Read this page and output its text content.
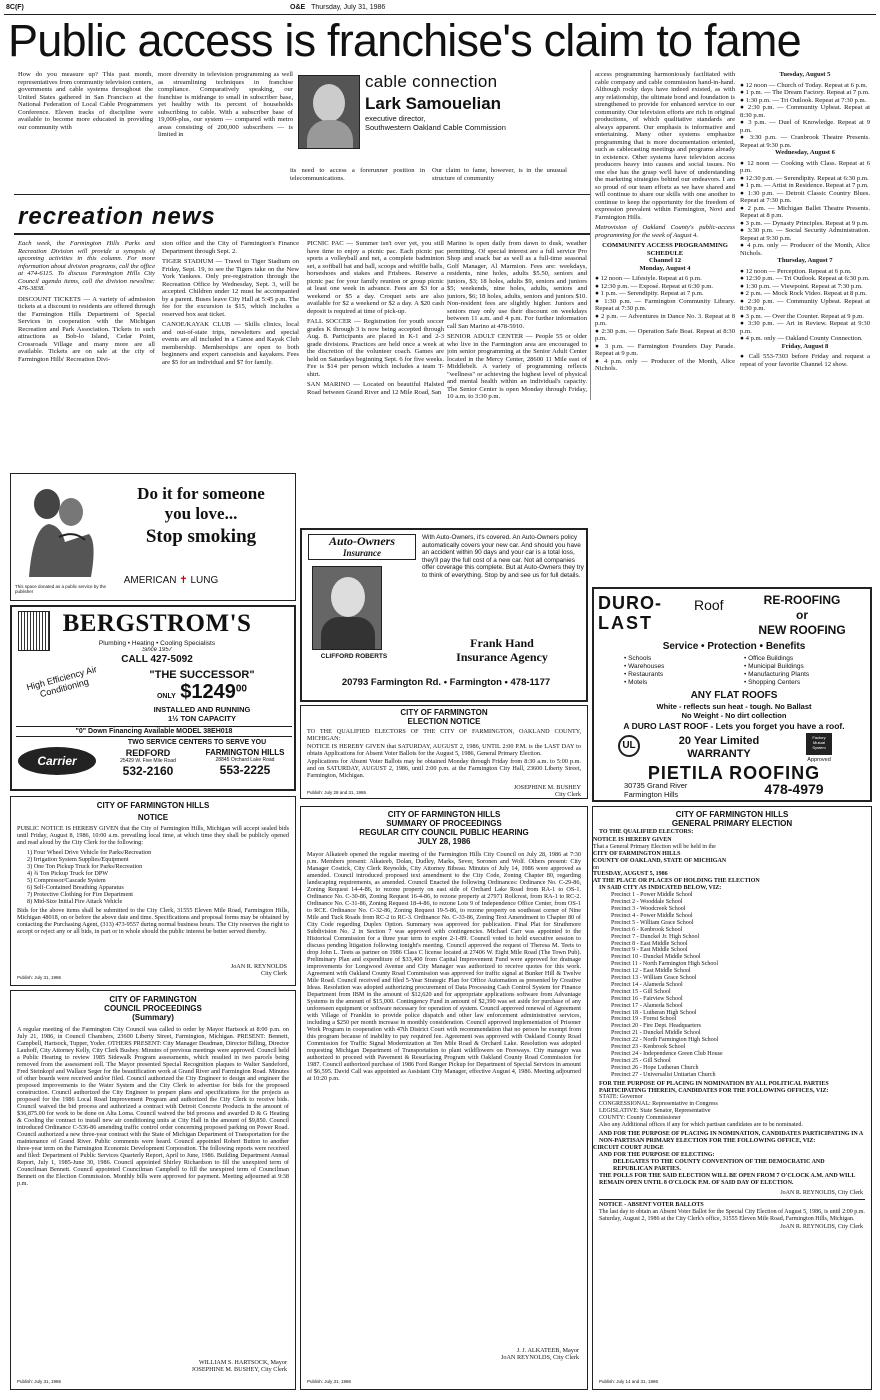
8C(F)	O&E Thursday, July 31, 1986
Public access is franchise's claim to fame
How do you measure up? This past month, representatives from community television centers, governments and cable systems throughout the United States gathered in San Francisco at the National Federation of Local Cable Programmers Conference. Eleven tracks of discipline were available to become more educated in providing our community with
more diversity in television programming as well as streamlining techniques in franchise compliance. Comparatively speaking, our franchise is midrange to small in subscriber base, yet healthy with its percent of households subscribing to cable. With a subscriber base of 19,000-plus, our system — compared with metro areas consisting of 200,000 subscribers — is limited in
cable connection
Lark Samouelian
executive director,
Southwestern Oakland Cable Commission
its need to access a forerunner position in telecommunications.
Our claim to fame, however, is in the unusual structure of community

access programming harmoniously facilitated with cable company and cable commission hand-in-hand. Although rocky days have indeed existed, as with any relationship, the ultimate bond and foundation is strengthened to provide for enhanced service to our community. Our television efforts are rich in original productions, of which qualitative standards are always apparent. Our emphasis is informative and entertaining. Many other systems emphasize programming that is more documentation oriented, such as cablecasting meetings and programs already in existence. Other systems have television access producers heavy into causes and social issues. No one else has the grasp we'll have of understanding the marketing strategies behind our endeavors. I am so proud of our team efforts as we have shared and will continue to share our skills with one another to continue to keep the opportunity for the freedom of expression prevalent within Farmington, Novi and Farmington Hills.

Metrovision of Oakland County's public-access programming for the week of August 4.

COMMUNITY ACCESS PROGRAMMING SCHEDULE

Channel 12

Monday, August 4

● 12 noon — Lifestyle. Repeat at 6 p.m.
● 12:30 p.m. — Exposé. Repeat at 6:30 p.m.
● 1 p.m. — Serendipity. Repeat at 7 p.m.
● 1:30 p.m. — Farmington Community Library. Repeat at 7:30 p.m.
● 2 p.m. — Adventures in Dance No. 3. Repeat at 8 p.m.
● 2:30 p.m. — Operation Safe Boat. Repeat at 8:30 p.m.
● 3 p.m. — Farmington Founders Day Parade. Repeat at 9 p.m.
● 4 p.m. only — Producer of the Month, Alice Nichols.

Tuesday, August 5

● 12 noon — Church of Today. Repeat at 6 p.m.
● 1 p.m. — The Dream Factory. Repeat at 7 p.m.
● 1:30 p.m. — Tri Outlook. Repeat at 7:30 p.m.
● 2:30 p.m. — Community Upbeat. Repeat at 8:30 p.m.
● 3 p.m. — Duel of Knowledge. Repeat at 9 p.m.
● 3:30 p.m. — Cranbrook Theatre Presents. Repeat at 9:30 p.m.

Wednesday, August 6

● 12 noon — Cooking with Class. Repeat at 6 p.m.
● 12:30 p.m. — Serendipity. Repeat at 6:30 p.m.
● 1 p.m. — Artist in Residence. Repeat at 7 p.m.
● 1:30 p.m. — Detroit Classic Country Blues. Repeat at 7:30 p.m.
● 2 p.m. — Michigan Ballet Theatre Presents. Repeat at 8 p.m.
● 3 p.m. — Dynasty Principles. Repeat at 9 p.m.
● 3:30 p.m. — Social Security Administration. Repeat at 9:30 p.m.
● 4 p.m. only — Producer of the Month, Alice Nichols.

Thursday, August 7

● 12 noon — Perception. Repeat at 6 p.m.
● 12:30 p.m. — Tri Outlook. Repeat at 6:30 p.m.
● 1:30 p.m. — Viewpoint. Repeat at 7:30 p.m.
● 2 p.m. — Mock Rock Video. Repeat at 8 p.m.
● 2:30 p.m. — Community Upbeat. Repeat at 8:30 p.m.
● 3 p.m. — Over the Counter. Repeat at 9 p.m.
● 3:30 p.m. — Art in Review. Repeat at 9:30 p.m.
● 4 p.m. only — Oakland County Connection.

Friday, August 8

● Call 553-7303 before Friday and request a repeat of your favorite Channel 12 show.

recreation news

Each week, the Farmington Hills Parks and Recreation Division will provide a synopsis of upcoming activities in this column. For more information about division programs, call the office at 474-6115. To discuss Farmington Hills City Council agenda items, call the division newsline: 476-3838.

DISCOUNT TICKETS — A variety of admission tickets at a discount to residents are offered through the Farmington Hills Department of Special Services in cooperation with the Michigan Recreation and Park Association. Tickets to such attractions as Bob-lo Island, Cedar Point, Crossroads Village and many more are all available. Tickets are on sale at the city of Farmington Hills' Recreation Divi-

sion office and the City of Farmington's Finance Department through Sept. 2.

TIGER STADIUM — Travel to Tiger Stadium on Friday, Sept. 19, to see the Tigers take on the New York Yankees. Only pre-registration through the Recreation Office by Wednesday, Sept. 3, will be accepted. Children under 12 must be accompanied by a parent. Buses leave City Hall at 5:45 p.m. The fee for the excursion is $15, which includes a reserved box seat ticket.

CANOE/KAYAK CLUB — Skills clinics, local and out-of-state trips, newsletters and special events are all included in a Canoe and Kayak Club membership. Memberships are open to both beginners and expert canoeists and kayakers. Fees are $5 for an individual and $7 for family.

PICNIC PAC — Summer isn't over yet, you still have time to enjoy a picnic pac. Each picnic pac sports a volleyball and net, a complete badminton set, a softball bat and ball, scoops and whiffle balls, horseshoes and stakes and Frisbees. Reserve a picnic pac for your family reunion or group picnic at least one week in advance. Fees are $3 for a weekend or $5 a day. Croquet sets are also available for $2 a weekend or $2 a day. A $20 cash deposit is required at time of pick-up.

FALL SOCCER — Registration for youth soccer grades K through 3 is now being accepted through Aug. 8. Participants are placed in K-1 and 2-3 grade divisions. Practices are held once a week at the discretion of the volunteer coach. Games are held on Saturdays beginning Sept. 6 for five weeks. Fee is $14 per person which includes a team T-shirt.

SAN MARINO — Located on beautiful Halsted Road between Grand River and 12 Mile Road, San

Marino is open daily from dawn to dusk, weather permitting. Of special interest are a full service Pro Shop and snack bar as well as a full-time seasonal Golf Manager, Al Marmion. Fees are: weekdays, residents, nine holes, adults $5.50, seniors and juniors, $3; 18 holes, adults $9, seniors and juniors $5; weekends, nine holes, adults, seniors and juniors, $6; 18 holes, adults, seniors and juniors $10. Non-resident fees are slightly higher. Juniors and seniors may only use their discount on weekdays between 11 a.m. and 4 p.m. For further information call San Marino at 478-5910.

SENIOR ADULT CENTER — People 55 or older who live in the Farmington area are encouraged to join senior programming at the Senior Adult Center located in the Mercy Center, 28600 11 Mile east of Middlebelt. A variety of programming reflects "wellness" or achieving the highest level of physical and mental health within an individual's capacity. The Senior Center is open Monday through Friday, 10 a.m. to 3:30 p.m.

Do it for someone
you love...
Stop smoking
AMERICAN ✝ LUNG
This space donated as a public service by the publisher
BERGSTROM'S
Plumbing • Heating • Cooling Specialists
Since 1957
CALL 427-5092
High Efficiency Air Conditioning
"THE SUCCESSOR"
ONLY $1249$^{00}$
INSTALLED AND RUNNING
1½ TON CAPACITY
"0" Down Financing Available MODEL 38EH018
TWO SERVICE CENTERS TO SERVE YOU
Carrier
REDFORD
25429 W. Five Mile Road
532-2160
FARMINGTON HILLS
28845 Orchard Lake Road
553-2225
Auto-Owners
Insurance
With Auto-Owners, it's covered. An Auto-Owners policy automatically covers your new car. And should you have an accident within 90 days and your car is a total loss, they'll pay the full cost of a new car. Not all companies offer coverage this complete. But at Auto-Owners they try to think of everything. Stop by and see us for full details.
CLIFFORD ROBERTS
Frank Hand
Insurance Agency
20793 Farmington Rd. • Farmington • 478-1177
DURO-
LAST
Roof	RE-ROOFING
or
NEW ROOFING
Service • Protection • Benefits
• Schools	• Office Buildings
• Warehouses	• Municipal Buildings
• Restaurants	• Manufacturing Plants
• Motels	• Shopping Centers
ANY FLAT ROOFS
White - reflects sun heat - tough. No Ballast
No Weight - No dirt collection
A DURO LAST ROOF - Lets you forget you have a roof.
UL	20 Year Limited
WARRANTY
Factory Mutual System
Approved
PIETILA ROOFING
30735 Grand River
Farmington Hills	478-4979
CITY OF FARMINGTON
ELECTION NOTICE

TO THE QUALIFIED ELECTORS OF THE CITY OF FARMINGTON, OAKLAND COUNTY, MICHIGAN:

NOTICE IS HEREBY GIVEN that SATURDAY, AUGUST 2, 1986, UNTIL 2:00 P.M. is the LAST DAY to obtain Applications for Absent Voter Ballots for the August 5, 1986, General Primary Election.

Applications for Absent Voter Ballots may be obtained Monday through Friday from 8:30 a.m. to 5:00 p.m. and on SATURDAY, AUGUST 2, 1986, until 2:00 p.m. at the Farmington City Hall, 23600 Liberty Street, Farmington, Michigan.

JOSEPHINE M. BUSHEY
City Clerk
Publish: July 28 and 31, 1986
CITY OF FARMINGTON HILLS
NOTICE

PUBLIC NOTICE IS HEREBY GIVEN that the City of Farmington Hills, Michigan will accept sealed bids until Friday, August 8, 1986, 10:00 a.m. prevailing local time, at which time they shall be publicly opened and read aloud by the City Clerk for the following:

1) Four Wheel Drive Vehicle for Parks/Recreation
2) Irrigation System Supplies/Equipment
3) One Ton Pickup Truck for Parks/Recreation
4) ¾ Ton Pickup Truck for DPW
5) Compressor/Cascade System
6) Self-Contained Breathing Apparatus
7) Protective Clothing for Fire Department
8) Mid-Size Initial Fire Attack Vehicle

Bids for the above items shall be submitted to the City Clerk, 31555 Eleven Mile Road, Farmington Hills, Michigan 48018, on or before the above date and time. Specifications and proposal forms may be obtained by contacting the Purchasing Agent, (313) 473-9557 during normal business hours. The City reserves the right to accept or reject any or all bids, in part or in whole should the public interest be better served thereby.

JoAN R. REYNOLDS
City Clerk
Publish: July 31, 1986
CITY OF FARMINGTON
COUNCIL PROCEEDINGS
(Summary)
A regular meeting of the Farmington City Council was called to order by Mayor Hartsock at 8:00 p.m. on July 21, 1986, in Council Chambers, 23600 Liberty Street, Farmington, Michigan. PRESENT: Bennett, Campbell, Hartsock, Tupper, Yoder. OTHERS PRESENT: City Manager Deadman, Director Billing, Director Lauhoff, City Attorney Kelly, City Clerk Bushey. Minutes of previous meetings were approved. Council held a Public Hearing to review 1985 Sidewalk Program assessments, which resulted in two parcels being removed from the assessment roll. The Mayor presented Special Recognition plaques to Walter Sandeford, Fred Steinkopf and Wallace Seger for the beautification work at Grand River and Farmington Road. Minutes of other boards were received and/or filed. Council authorized the City Engineer to design and engineer the proposed improvements to the Water System and the City Clerk to advertise for bids for the proposed construction. Council authorized the City Engineer to prepare plans and specifications for the projects as proposed for the 1986 Local Road Improvement Program and authorized the City Clerk to receive bids. Council waived the bid process and authorized a contract with Detroit Concrete Products in the amount of $36,875.00 for work to be done on Alta Loma. Council waived the bid process and awarded D & G Heating & Cooling the contract to install new air conditioning units at City Hall in the amount of $9,850. Council introduced Ordinance C-536-86 amending traffic control order concerning proposed parking on Power Road. Council authorized a new three-year contract with the State of Michigan Department of Transportation for the maintenance of Grand River. Public comments were heard. Council appointed Robert Button to another three-year term on the Farmington Economic Development Corporation. The following reports were received and filed: Department of Public Services Quarterly Report, April to June, 1986. Building Department Annual Report, July 1, 1985-June 30, 1986. Council appointed Shirley Richardson to fill the unexpired term of Councilman Bennett. Council appointed Councilman Campbell to fill the unexpired term of Councilman Bennett on the Election Commission. Monthly bills were approved for payment. Meeting adjourned at 9:38 p.m.
WILLIAM S. HARTSOCK, Mayor
JOSEPHINE M. BUSHEY, City Clerk
Publish: July 31, 1986
CITY OF FARMINGTON HILLS
SUMMARY OF PROCEEDINGS
REGULAR CITY COUNCIL PUBLIC HEARING
JULY 28, 1986
Mayor Alkateeb opened the regular meeting of the Farmington Hills City Council on July 28, 1986 at 7:30 p.m. Members present: Alkateeb, Dolan, Dudley, Marks, Sever, Soronen and Wolf. Others present: City Manager Costick, City Clerk Reynolds, City Attorney Bibeau. Minutes of July 14, 1986 were approved as amended. Council introduced proposed text amendment to the City Code, Zoning Chapter 80, regarding landscaping requirements, as amended. Council Enacted the following Ordinances: Ordinance No. C-29-86, Zoning Request 14-4-86, to rezone property on east side of Orchard Lake Road from RA-1 to OS-1. Ordinance No. C-30-86, Zoning Request 16-4-86, to rezone property at 27971 Rollcrest, from RA-1 to RC-2. Ordinance No. C-31-86, Zoning Request 18-4-86, to rezone Lots 9 of Independence Office Center, from OS-1 to RCE. Ordinance No. C-32-86, Zoning Request 19-5-86, to rezone property on southeast corner of Nine Mile and Tuck Roads from RC-2 to RC-3. Ordinance No. C-33-86, Zoning Text Amendment to Chapter 80 of City Code regarding Duplex Option. Summary was approved for publication. Final Plat for Strathmore Subdivision No. 2 in Section 7 was approved with contingencies. Michael Carr was appointed to the Historical Commission for a three year term to expire 2-1-89. Council voted to hold executive session to discuss pending litigation following tonight's meeting. Council approved the request of Theresa M. Teets to drop John L. Teets as partner on 1986 Class C license located at 27406 W. Eight Mile Road (The Town Pub). Preliminary Plan and expenditure of $33,400 from Capital Improvement Fund were approved for drainage improvements for Longwood Avenue and City Manager was authorized to receive quotes for this work. Agreement with Oakland County Road Commission was approved for traffic signal at Bunker Hill & Twelve Mile Road. Council received and filed 5-Year Strategic Plan for Office Automation as presented by Creative Ideas. Resolution was adopted authorizing procurement of Data Processing Cash Control System for Finance Department from IBM in the amount of $12,620 and for appropriate applications software from Advantage Systems in the amount of $15,000. Contingency Fund in amount of $2,390 was set aside for purchase of any unforeseen equipment or software necessary for operation of system. Council approved renewal of Agreement with Village of Franklin to provide police dispatch and other law enforcement administrative services, including a $250 per month increase in monthly consideration. Council approved implementation of Prisoner Work Program in cooperation with 47th District Court with recommendation that no person be exempt from this program because of inability to pay required fee. Agreement was approved with Oakland County Road Commission for Traffic Signal Modernization at Ten Mile Road & Orchard Lake. Resolution was adopted requesting Michigan Department of Transportation to plant wildflowers on Freeways. City manager was authorized to proceed with Pavement & Resurfacing Program with Oakland County Road Commission for 1987. Council authorized purchase of 1986 Ford Ranger Pickup for Department of Special Services in amount of $6,595. David Call was appointed as Assistant City Manager, effective August 4, 1986. Meeting adjourned at 10:20 p.m.
J. J. ALKATEEB, Mayor
JoAN REYNOLDS, City Clerk
Publish: July 31, 1986
CITY OF FARMINGTON HILLS
GENERAL PRIMARY ELECTION
TO THE QUALIFIED ELECTORS:
NOTICE IS HEREBY GIVEN
That a General Primary Election will be held in the
CITY OF FARMINGTON HILLS
COUNTY OF OAKLAND, STATE OF MICHIGAN
on
TUESDAY, AUGUST 5, 1986
AT THE PLACE OR PLACES OF HOLDING THE ELECTION
IN SAID CITY AS INDICATED BELOW, VIZ:
Precinct 1 - Power Middle School
Precinct 2 - Wooddale School
Precinct 3 - Woodcreek School
Precinct 4 - Power Middle School
Precinct 5 - William Grace School
Precinct 6 - Kenbrook School
Precinct 7 - Dunckel Jr. High School
Precinct 8 - East Middle School
Precinct 9 - East Middle School
Precinct 10 - Dunckel Middle School
Precinct 11 - North Farmington High School
Precinct 12 - East Middle School
Precinct 13 - William Grace School
Precinct 14 - Alameda School
Precinct 15 - Gill School
Precinct 16 - Fairview School
Precinct 17 - Alameda School
Precinct 18 - Lutheran High School
Precinct 19 - Forest School
Precinct 20 - Fire Dept. Headquarters
Precinct 21 - Dunckel Middle School
Precinct 22 - North Farmington High School
Precinct 23 - Kenbrook School
Precinct 24 - Independence Green Club House
Precinct 25 - Gill School
Precinct 26 - Hope Lutheran Church
Precinct 27 - Universalist Unitarian Church
FOR THE PURPOSE OF PLACING IN NOMINATION BY ALL POLITICAL PARTIES PARTICIPATING THEREIN, CANDIDATES FOR THE FOLLOWING OFFICES, VIZ:
STATE: Governor
CONGRESSIONAL: Representative in Congress
LEGISLATIVE: State Senator, Representative
COUNTY: County Commissioner
Also any Additional offices if any for which partisan candidates are to be nominated.
AND FOR THE PURPOSE OF PLACING IN NOMINATION, CANDIDATES PARTICIPATING IN A NON-PARTISAN PRIMARY ELECTION FOR THE FOLLOWING OFFICE, VIZ:
CIRCUIT COURT JUDGE
AND FOR THE PURPOSE OF ELECTING:
DELEGATES TO THE COUNTY CONVENTION OF THE DEMOCRATIC AND REPUBLICAN PARTIES.
THE POLLS FOR THE SAID ELECTION WILL BE OPEN FROM 7 O'CLOCK A.M. AND WILL REMAIN OPEN UNTIL 8 O'CLOCK P.M. OF SAID DAY OF ELECTION.
JoAN R. REYNOLDS, City Clerk
NOTICE - ABSENT VOTER BALLOTS
The last day to obtain an Absent Voter Ballot for the Special City Election of August 5, 1986, is until 2:00 p.m. Saturday, August 2, 1986 at the City Clerk's office, 31555 Eleven Mile Road, Farmington Hills, Michigan.
JoAN R. REYNOLDS, City Clerk
Publish: July 14 and 31, 1986
